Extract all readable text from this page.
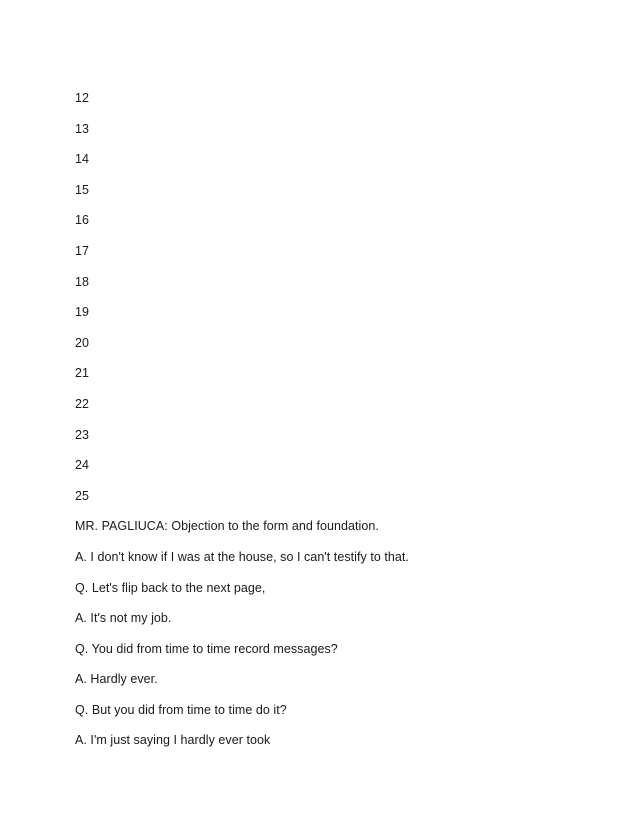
12
13
14
15
16
17
18
19
20
21
22
23
24
25
MR. PAGLIUCA: Objection to the form and foundation.
A. I don't know if I was at the house, so I can't testify to that.
Q. Let's flip back to the next page,
A. It's not my job.
Q. You did from time to time record messages?
A. Hardly ever.
Q. But you did from time to time do it?
A. I'm just saying I hardly ever took
